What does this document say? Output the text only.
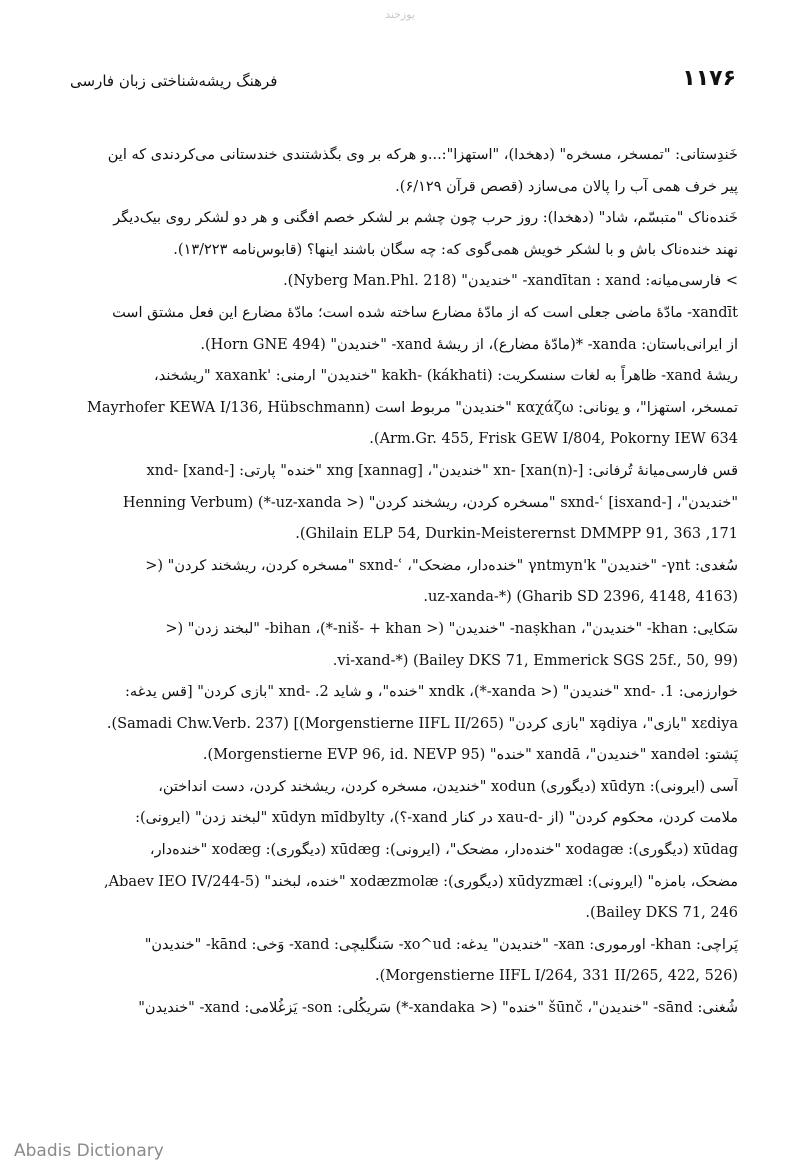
یوزخند
۱۱۷۶
فرهنگ ریشه‌شناختی زبان فارسی
خَندِستانی: "تمسخر، مسخره" (دهخدا)، "استهزا":...و هرکه بر وی بگذشتندی خندستانی می‌کردندی که این
پیر خرف همی آب را پالان می‌سازد (قصص قرآن ۶/۱۲۹).
خَنده‌ناک "متبسّم، شاد" (دهخدا): روز حرب چون چشم بر لشکر خصم افگنی و هر دو لشکر روی بیک‌دیگر
نهند خنده‌ناک باش و با لشکر خویش همی‌گوی که: چه سگان باشند اینها؟ (قابوس‌نامه ۱۳/۲۲۳).
> فارسی‌میانه: xandītan : xand- "خندیدن" (Nyberg Man.Phl. 218).
xandīt- مادّهٔ ماضی جعلی است که از مادّهٔ مضارع ساخته شده است؛ مادّهٔ مضارع این فعل مشتق است
از ایرانی‌باستان: xanda- *(مادّهٔ مضارع)، از ریشهٔ xand- "خندیدن" (Horn GNE 494).
ریشهٔ xand- ظاهراً به لغات سنسکریت: kakh- (kákhati) "خندیدن" ارمنی: 'xaxank "ریشخند،
تمسخر، استهزا"، و یونانی: καχάζω "خندیدن" مربوط است (Mayrhofer KEWA I/136, Hübschmann
Arm.Gr. 455, Frisk GEW I/804, Pokorny IEW 634).
قس فارسی‌میانهٔ تُرفانی: xn- [xan(n)-] "خندیدن"، xng [xannag] "خنده" پارتی: xnd- [xand-]
"خندیدن"، sxnd-ʿ [isxand-] "مسخره کردن، ریشخند کردن" (< uz-xanda-*) (Henning Verbum
171, Ghilain ELP 54, Durkin-Meisterernst DMMPP 91, 363).
سُغدی: γnt- "خندیدن" γntmyn'k "خنده‌دار، مضحک"، sxnd-ʿ "مسخره کردن، ریشخند کردن" (<
uz-xanda-*) (Gharib SD 2396, 4148, 4163).
سَکایی: khan- "خندیدن"، naṣkhan- "خندیدن" (< niš- + khan-*)، bihan- "لبخند زدن" (<
vi-xand-*) (Bailey DKS 71, Emmerick SGS 25f., 50, 99).
خوارزمی: xnd- .1 "خندیدن" (< xanda-*)، xndk "خنده"، و شاید xnd- .2 "بازی کردن" [قس یدغه:
xεdiya "بازی"، xa̧diya "بازی کردن" (Morgenstierne IIFL II/265)] (Samadi Chw.Verb. 237).
پَشتو: xandəl "خندیدن"، xandā "خنده" (Morgenstierne EVP 96, id. NEVP 95).
آسی (ایرونی): xūdyn (دیگوری) xodun "خندیدن، مسخره کردن، ریشخند کردن، دست انداختن،
ملامت کردن، محکوم کردن" (از -xau-d در کنار xand-؟)، xūdyn mīdbylty "لبخند زدن" (ایرونی):
xūdag (دیگوری): xodagæ "خنده‌دار، مضحک"، (ایرونی): xūdæg (دیگوری): xodæg "خنده‌دار،
مضحک، بامزه" (ایرونی): xūdyzmæl (دیگوری): xodæzmolæ "خنده، لبخند" (Abaev IEO IV/244-5,
Bailey DKS 71, 246).
پَراچی: khan- اورموری: xan- "خندیدن" یدغه: xo^ud- سَنگلیچی: xand- وَخی: kānd- "خندیدن"
(Morgenstierne IIFL I/264, 331 II/265, 422, 526).
شُغنی: sānd- "خندیدن"، šūnč "خنده" (< xandaka-*) سَریکُلی: son- یَزغُلامی: xand- "خندیدن"
Abadis Dictionary
